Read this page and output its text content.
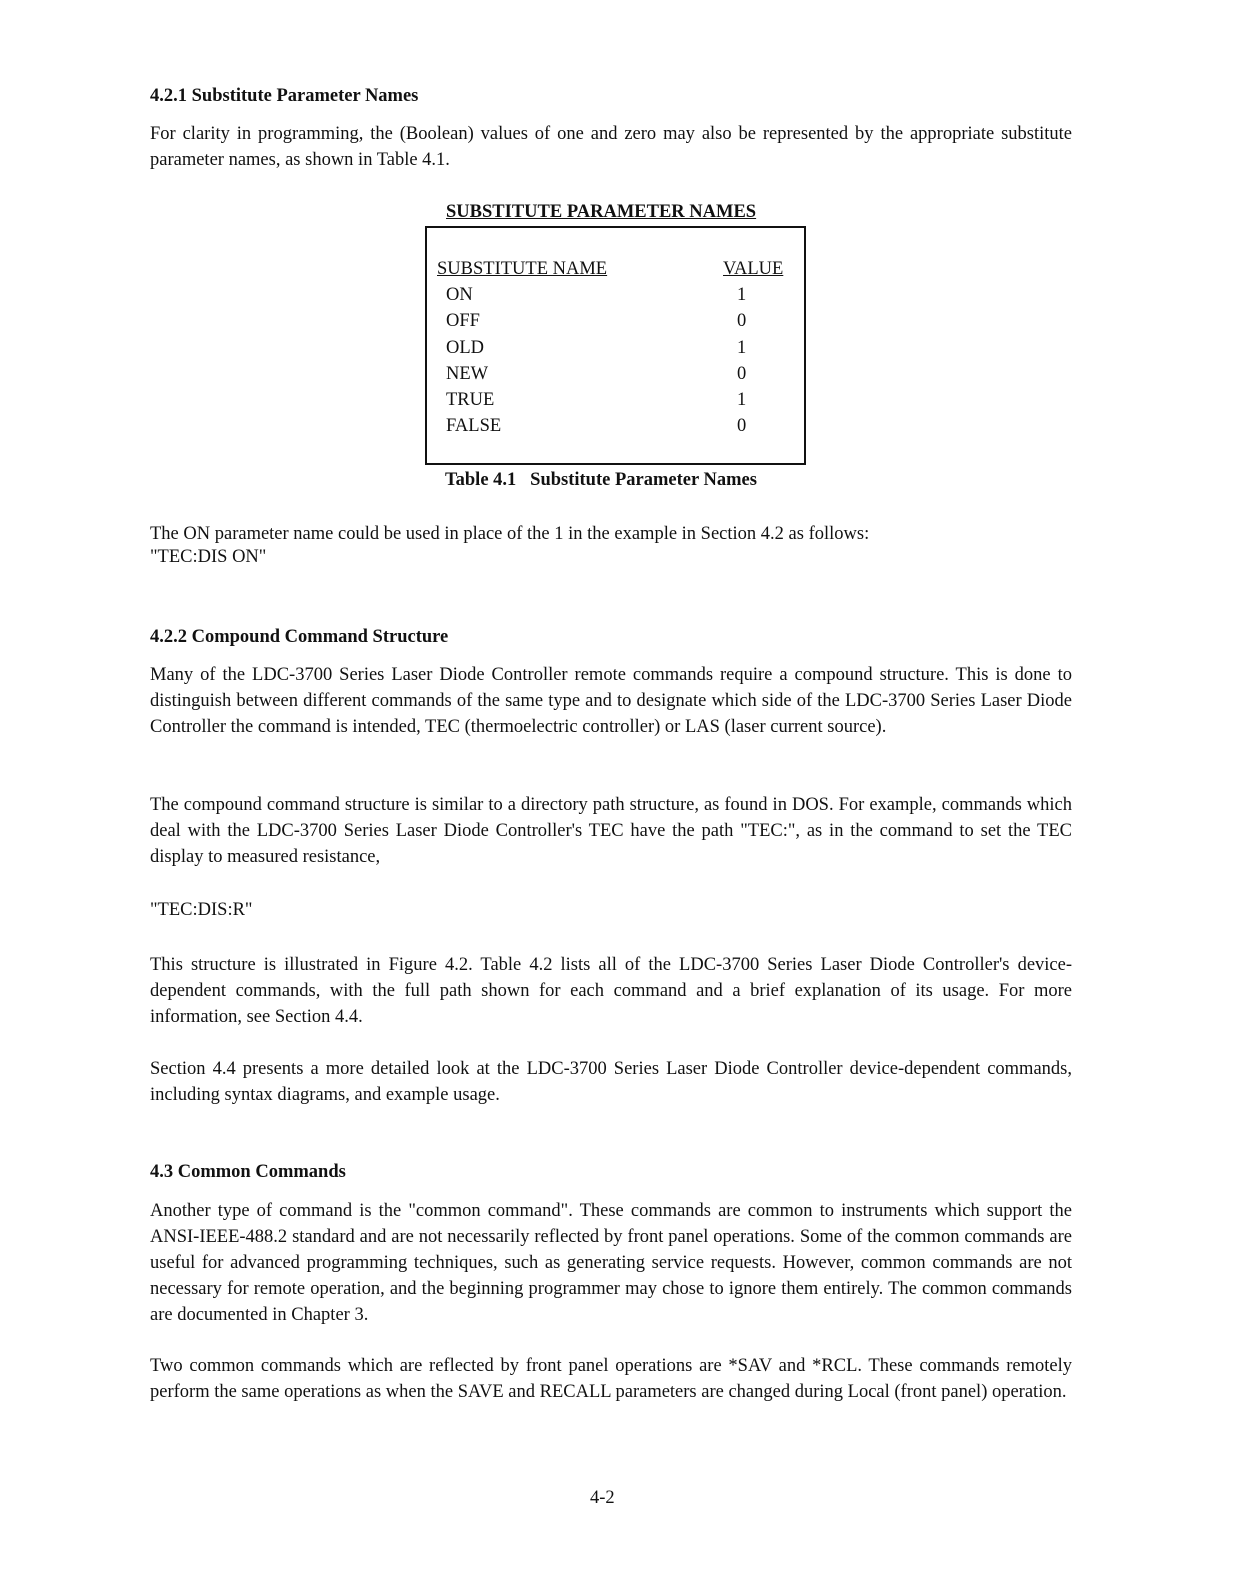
4.2.1 Substitute Parameter Names

For clarity in programming, the (Boolean) values of one and zero may also be represented by the appropriate substitute parameter names, as shown in Table 4.1.

SUBSTITUTE PARAMETER NAMES
SUBSTITUTE NAME	VALUE
ON	1
OFF	0
OLD	1
NEW	0
TRUE	1
FALSE	0
Table 4.1   Substitute Parameter Names

The ON parameter name could be used in place of the 1 in the example in Section 4.2 as follows:

"TEC:DIS ON"

4.2.2 Compound Command Structure

Many of the LDC-3700 Series Laser Diode Controller remote commands require a compound structure. This is done to distinguish between different commands of the same type and to designate which side of the LDC-3700 Series Laser Diode Controller the command is intended, TEC (thermoelectric controller) or LAS (laser current source).

The compound command structure is similar to a directory path structure, as found in DOS. For example, commands which deal with the LDC-3700 Series Laser Diode Controller's TEC have the path "TEC:", as in the command to set the TEC display to measured resistance,

"TEC:DIS:R"

This structure is illustrated in Figure 4.2. Table 4.2 lists all of the LDC-3700 Series Laser Diode Controller's device-dependent commands, with the full path shown for each command and a brief explanation of its usage. For more information, see Section 4.4.

Section 4.4 presents a more detailed look at the LDC-3700 Series Laser Diode Controller device-dependent commands, including syntax diagrams, and example usage.

4.3 Common Commands

Another type of command is the "common command". These commands are common to instruments which support the ANSI-IEEE-488.2 standard and are not necessarily reflected by front panel operations. Some of the common commands are useful for advanced programming techniques, such as generating service requests. However, common commands are not necessary for remote operation, and the beginning programmer may chose to ignore them entirely. The common commands are documented in Chapter 3.

Two common commands which are reflected by front panel operations are *SAV and *RCL. These commands remotely perform the same operations as when the SAVE and RECALL parameters are changed during Local (front panel) operation.

4-2
